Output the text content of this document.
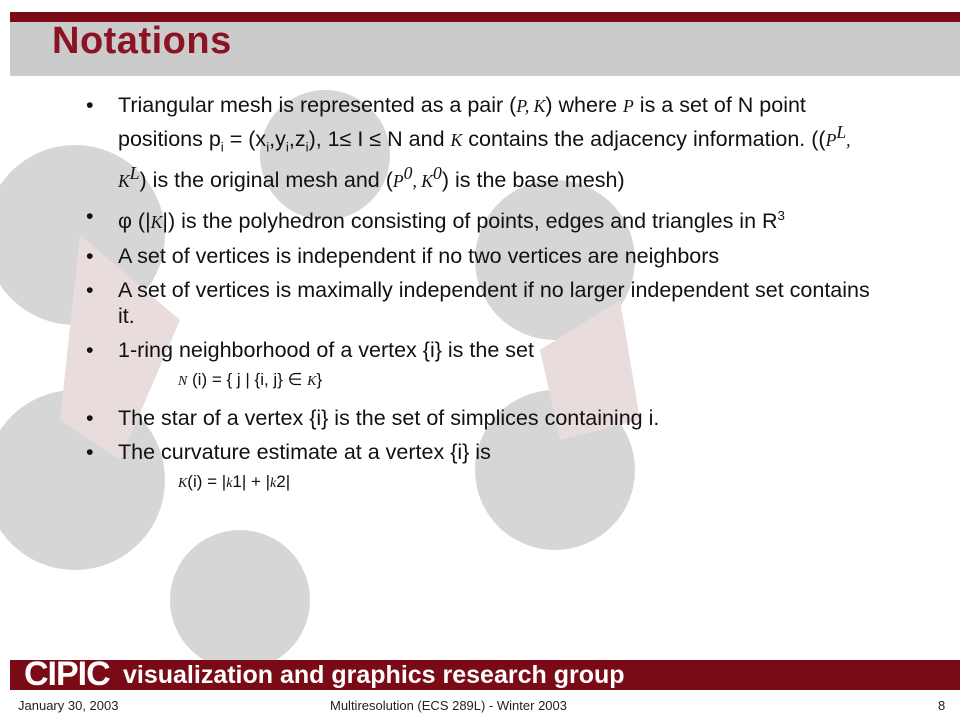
Notations
• Triangular mesh is represented as a pair (P, K) where P is a set of N point positions $p_i = (x_i,y_i,z_i)$, 1≤ I ≤ N and K contains the adjacency information. (($P^L$, $K^L$) is the original mesh and ($P^0$, $K^0$) is the base mesh)
• φ (|K|) is the polyhedron consisting of points, edges and triangles in $R^3$
• A set of vertices is independent if no two vertices are neighbors
• A set of vertices is maximally independent if no larger independent set contains it.
• 1-ring neighborhood of a vertex {i} is the set
N (i) = { j | {i, j} ∈ K}
• The star of a vertex {i} is the set of simplices containing i.
• The curvature estimate at a vertex {i} is
K(i) = |k1| + |k2|
CIPIC visualization and graphics research group
January 30, 2003	Multiresolution (ECS 289L) - Winter 2003	8
